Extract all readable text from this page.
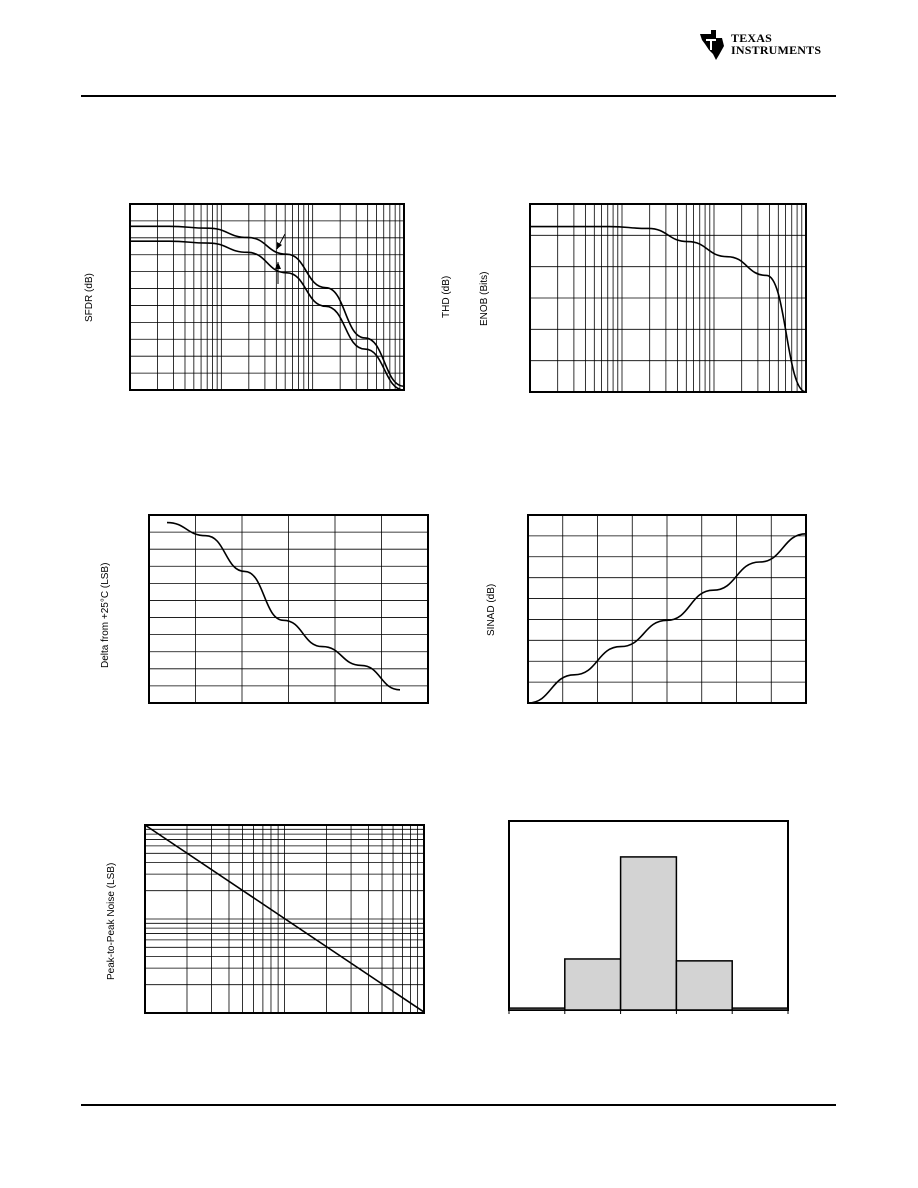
TEXAS
INSTRUMENTS
SFDR (dB)	THD (dB)	ENOB (Bits)
Delta from +25°C (LSB)	SINAD (dB)
Peak-to-Peak Noise (LSB)
